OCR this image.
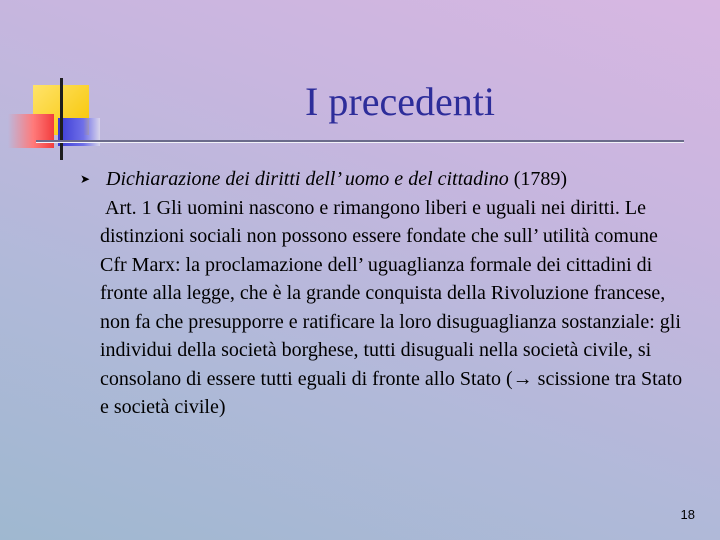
I precedenti
➤ Dichiarazione dei diritti dell’ uomo e del cittadino (1789)

Art. 1 Gli uomini nascono e rimangono liberi e uguali nei diritti. Le distinzioni sociali non possono essere fondate che sull’ utilità comune

Cfr Marx: la proclamazione dell’ uguaglianza formale dei cittadini di fronte alla legge, che è la grande conquista della Rivoluzione francese, non fa che presupporre e ratificare la loro disuguaglianza sostanziale: gli individui della società borghese, tutti disuguali nella società civile, si consolano di essere tutti eguali di fronte allo Stato (→ scissione tra Stato e società civile)

18
